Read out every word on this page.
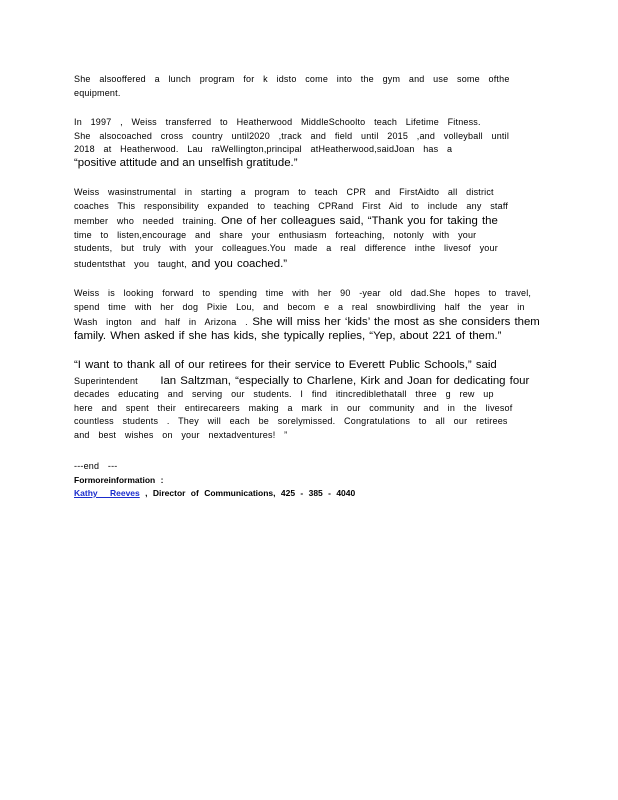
She alsooffered a lunch program for k idsto come into the gym and use some ofthe
equipment.
In 1997 , Weiss transferred to Heatherwood MiddleSchoolto teach Lifetime Fitness.
She alsocoached cross country until2020 ,track and field until 2015 ,and volleyball until
2018 at Heatherwood. Lau raWellington,principal atHeatherwood,saidJoan has a
“positive attitude and an unselfish gratitude.”
Weiss wasinstrumental in starting a program to teach CPR and FirstAidto all district
coaches This responsibility expanded to teaching CPRand First Aid to include any staff
member who needed training. One of her colleagues said, “Thank you for taking the
time to listen,encourage and share your enthusiasm forteaching, notonly with your
students, but truly with your colleagues.You made a real difference inthe livesof your
studentsthat you taught, and you coached.”
Weiss is looking forward to spending time with her 90 -year old dad.She hopes to travel,
spend time with her dog Pixie Lou, and becom e a real snowbirdliving half the year in
Wash ington and half in Arizona . She will miss her ‘kids’ the most as she considers them
family. When asked if she has kids, she typically replies, “Yep, about 221 of them.”
“I want to thank all of our retirees for their service to Everett Public Schools,” said
Superintendent Ian Saltzman, “especially to Charlene, Kirk and Joan for dedicating four
decades educating and serving our students. I find itincrediblethatall three g rew up
here and spent their entirecareers making a mark in our community and in the livesof
countless students . They will each be sorelymissed. Congratulations to all our retirees
and best wishes on your nextadventures! ”
---end ---
Formoreinformation :
Kathy Reeves , Director of Communications, 425 - 385 - 4040
